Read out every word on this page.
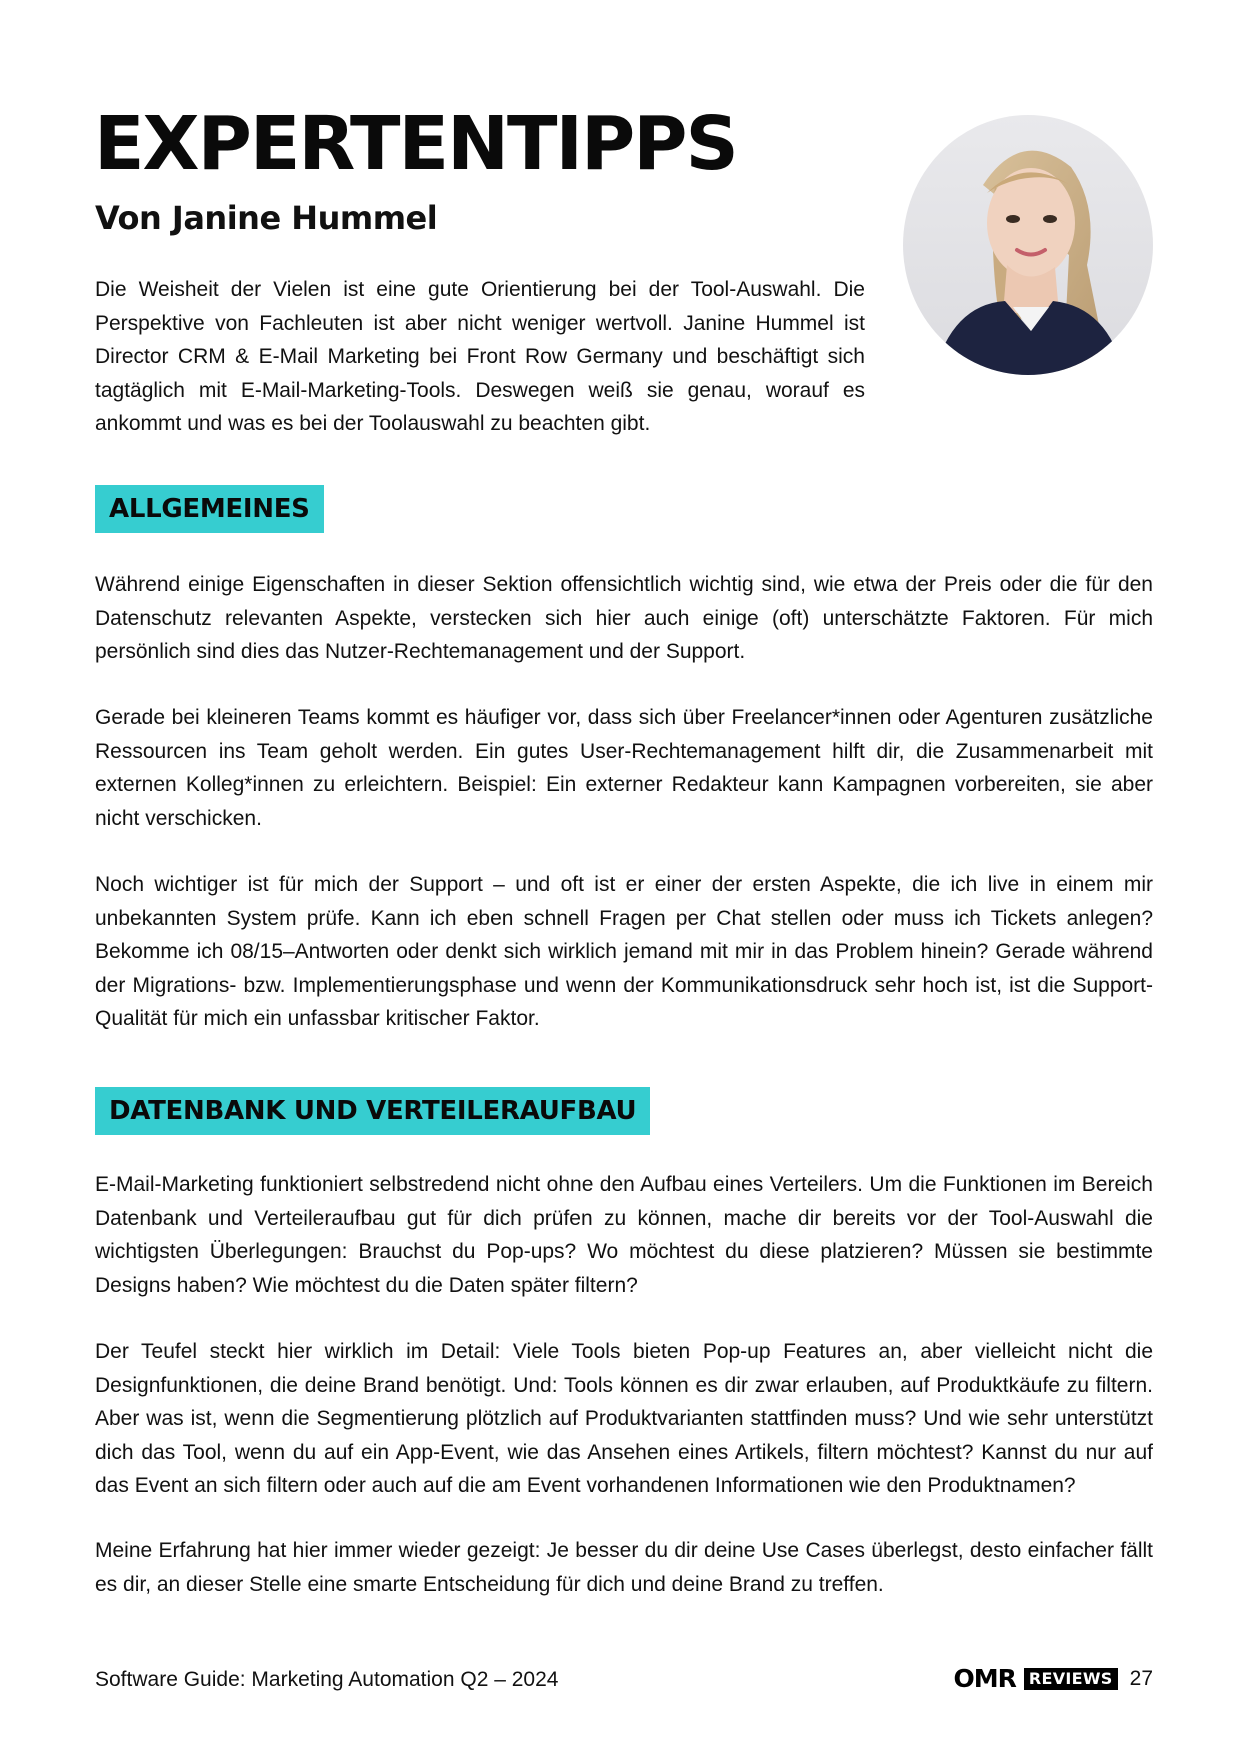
EXPERTENTIPPS
Von Janine Hummel

Die Weisheit der Vielen ist eine gute Orientierung bei der Tool-Auswahl. Die Perspektive von Fachleuten ist aber nicht weniger wertvoll. Janine Hummel ist Director CRM & E-Mail Marketing bei Front Row Germany und beschäftigt sich tagtäglich mit E-Mail-Marketing-Tools. Deswegen weiß sie genau, worauf es ankommt und was es bei der Toolauswahl zu beachten gibt.

ALLGEMEINES

Während einige Eigenschaften in dieser Sektion offensichtlich wichtig sind, wie etwa der Preis oder die für den Datenschutz relevanten Aspekte, verstecken sich hier auch einige (oft) unterschätzte Faktoren. Für mich persönlich sind dies das Nutzer-Rechtemanagement und der Support.

Gerade bei kleineren Teams kommt es häufiger vor, dass sich über Freelancer*innen oder Agenturen zusätzliche Ressourcen ins Team geholt werden. Ein gutes User-Rechtemanagement hilft dir, die Zusammenarbeit mit externen Kolleg*innen zu erleichtern. Beispiel: Ein externer Redakteur kann Kampagnen vorbereiten, sie aber nicht verschicken.

Noch wichtiger ist für mich der Support – und oft ist er einer der ersten Aspekte, die ich live in einem mir unbekannten System prüfe. Kann ich eben schnell Fragen per Chat stellen oder muss ich Tickets anlegen? Bekomme ich 08/15–Antworten oder denkt sich wirklich jemand mit mir in das Problem hinein? Gerade während der Migrations- bzw. Implementierungsphase und wenn der Kommunikationsdruck sehr hoch ist, ist die Support-Qualität für mich ein unfassbar kritischer Faktor.

DATENBANK UND VERTEILERAUFBAU

E-Mail-Marketing funktioniert selbstredend nicht ohne den Aufbau eines Verteilers. Um die Funktionen im Bereich Datenbank und Verteileraufbau gut für dich prüfen zu können, mache dir bereits vor der Tool-Auswahl die wichtigsten Überlegungen: Brauchst du Pop-ups? Wo möchtest du diese platzieren? Müssen sie bestimmte Designs haben? Wie möchtest du die Daten später filtern?

Der Teufel steckt hier wirklich im Detail: Viele Tools bieten Pop-up Features an, aber vielleicht nicht die Designfunktionen, die deine Brand benötigt. Und: Tools können es dir zwar erlauben, auf Produktkäufe zu filtern. Aber was ist, wenn die Segmentierung plötzlich auf Produktvarianten stattfinden muss? Und wie sehr unterstützt dich das Tool, wenn du auf ein App-Event, wie das Ansehen eines Artikels, filtern möchtest? Kannst du nur auf das Event an sich filtern oder auch auf die am Event vorhandenen Informationen wie den Produktnamen?

Meine Erfahrung hat hier immer wieder gezeigt: Je besser du dir deine Use Cases überlegst, desto einfacher fällt es dir, an dieser Stelle eine smarte Entscheidung für dich und deine Brand zu treffen.

Software Guide: Marketing Automation Q2 – 2024	OMR REVIEWS 27
